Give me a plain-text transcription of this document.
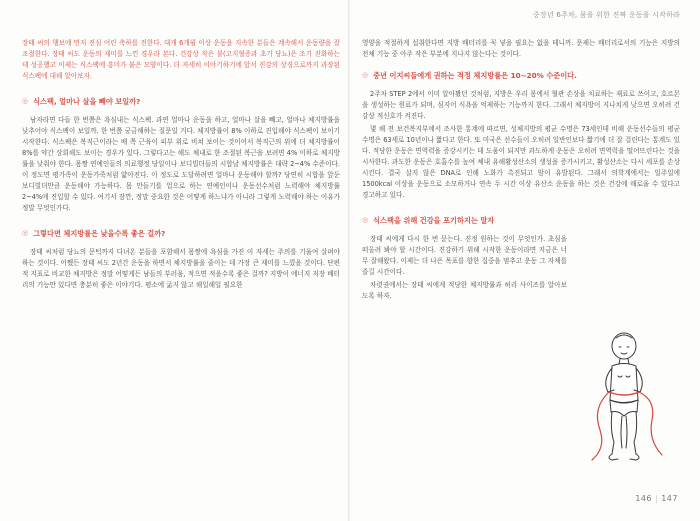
중장년 6주차, 몸을 위한 진짜 운동을 시작하라

장태 씨의 행보에 먼저 진심 어린 축하를 전한다. 대개 6개월 이상 운동을 지속한 분들은 계속해서 운동량을 잘 조절한다. 장태 씨도 운동의 재미를 느낀 경우라 본다. 건강상 작은 불(고지혈증과 초기 당뇨)은 조기 진화하는 데 성공했고 이제는 식스팩에 흥미가 붙은 모양이다. 더 자세히 이야기하기에 앞서 진강의 상징으로까지 과장된 식스팩에 대해 알아보자.

◎ 식스팩, 얼마나 살을 빼야 보일까?

남자라면 다들 한 번쯤은 욕심내는 식스팩. 과연 얼마나 운동을 하고, 얼마나 살을 빼고, 얼마나 체지방률을 낮추어야 식스팩이 보일까. 한 번쯤 궁금해하는 질문일 거다. 체지방률이 8% 이하로 진입해야 식스팩이 보이기 시작한다. 식스팩은 복직근이라는 배 쪽 근육이 피부 위로 비쳐 보이는 것이어서 복직근의 위에 더 체지방률이 8%를 약간 상회해도 보이는 경우가 있다. 그렇다고는 해도 체내로 한 조절된 복근을 보려면 4% 이하로 체지방률을 낮춰야 한다. 몸짱 연예인들의 의료행정 당일이나 보디빌더들의 시합날 체지방률은 대략 2~4% 수준이다. 이 정도면 평가족이 운동가죽처럼 얇아진다. 이 정도로 도달하려면 얼마나 운동해야 할까? 당연히 시합을 앞둔 보디빌더만큼 운동해야 가능하다. 몸 만들기를 업으로 하는 연예인이나 운동선수처럼 노력해야 체지방률 2~4%에 진입할 수 있다. 여기서 잠깐, 정말 중요한 것은 어떻게 하느냐가 아니라 그렇게 노력해야 하는 이유가 정말 무엇인가다.

◎ 그렇다면 체지방률은 낮을수록 좋은 걸까?

장태 씨처럼 당뇨의 문턱까지 다녀온 분들을 포함해서 몸짱에 욕심을 가진 이 자세는 주의를 기울여 살펴야 하는 것이다. 어쨌든 장태 씨도 2년간 운동을 하면서 체지방률을 줄이는 데 가장 큰 재미를 느꼈을 것이다. 단편적 지표로 비교한 체지방은 정말 어떻게든 남들의 부러움, 적으면 적을수록 좋은 걸까? 지방이 에너지 저장 배터리의 기능만 있다면 충분히 좋은 이야기다. 평소에 굶지 않고 해일해일 필요한

영양을 적절하게 섭취한다면 지방 배터리를 꼭 넣을 필요는 없을 테니까. 문제는 배터리로서의 기능은 지방의 전체 기능 중 아주 작은 부분에 지나지 않는다는 것이다.

◎ 중년 이지씨들에게 권하는 적정 체지방률은 10~20% 수준이다.

2주차 STEP 2에서 이미 알아봤던 것처럼, 지방은 우리 몸에서 혈관 손상을 치료하는 재료로 쓰이고, 호르몬을 생성하는 원료가 되며, 심지어 식욕을 억제하는 기능까지 한다. 그래서 체지방이 지나치게 낮으면 오히려 건강상 적신호가 켜진다.

몇 해 전 보건복지부에서 조사한 통계에 따르면, 성체지방의 평균 수명은 73세인데 비해 운동선수들의 평균 수명은 63세로 10년이나 짧다고 한다. 또 미국은 선수들이 오히려 일반인보다 짧기에 더 잘 걸린다는 통계도 있다. 적당한 운동은 면역력을 증강시키는 데 도움이 되지만 과도하게 운동은 오히려 면역력을 떨어뜨린다는 것을 시사한다. 과도한 운동은 호흡수를 높여 체내 유해활성산소의 생성을 증가시키고, 활성산소는 다시 세포를 손상시킨다. 결국 살지 않은 DNA로 인해 노화가 촉진되고 암이 유발된다. 그래서 의학계에서는 일주일에 1500kcal 이상을 운동으로 소모하거나 연속 두 시간 이상 유산소 운동을 하는 것은 건강에 해로울 수 있다고 경고하고 있다.

◎ 식스팩을 위해 건강을 포기하지는 말자

장태 씨에게 다시 한 번 묻는다. 진정 원하는 것이 무엇인가. 초심을 떠올려 봐야 할 시간이다. 진강하기 위해 시작한 운동이라면 지금은 너무 잘해왔다. 이제는 더 나은 목표를 향한 집중을 멈추고 운동 그 자체를 즐길 시간이다.

차렷권에서는 장태 씨에게 적당한 체지방률과 허리 사이즈를 알아보도록 하자.

146 | 147
